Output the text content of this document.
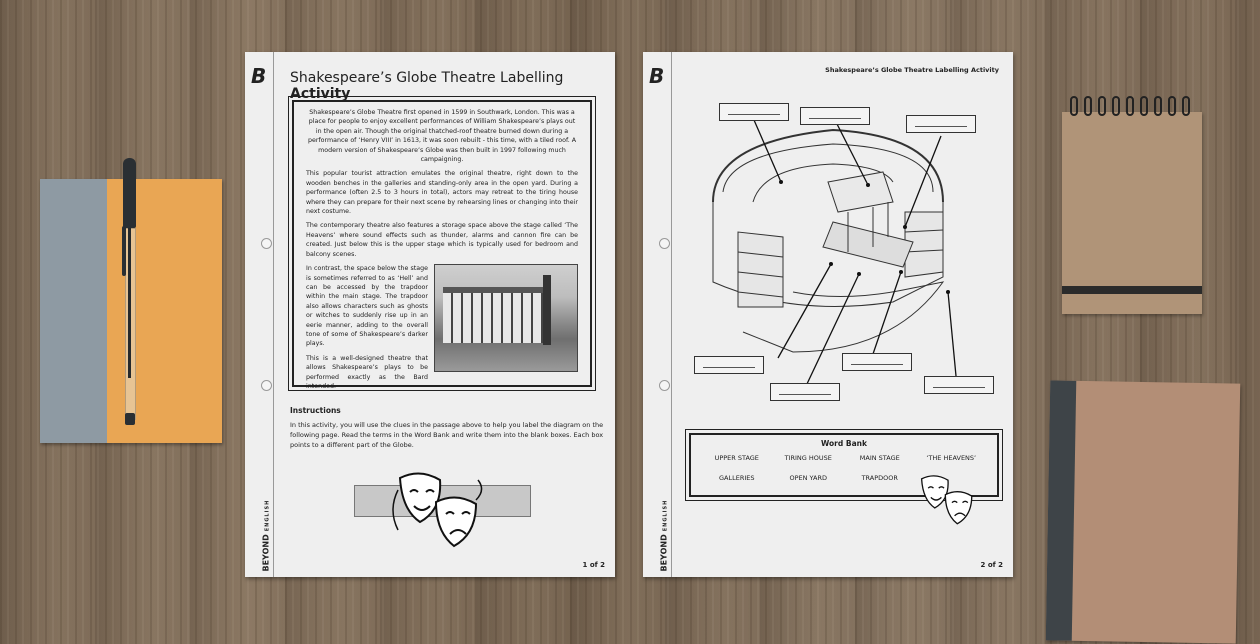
B Shakespeare’s Globe Theatre Labelling Activity

Shakespeare’s Globe Theatre first opened in 1599 in Southwark, London. This was a place for people to enjoy excellent performances of William Shakespeare’s plays out in the open air. Though the original thatched-roof theatre burned down during a performance of ‘Henry VIII’ in 1613, it was soon rebuilt - this time, with a tiled roof. A modern version of Shakespeare’s Globe was then built in 1997 following much campaigning.

This popular tourist attraction emulates the original theatre, right down to the wooden benches in the galleries and standing-only area in the open yard. During a performance (often 2.5 to 3 hours in total), actors may retreat to the tiring house where they can prepare for their next scene by rehearsing lines or changing into their next costume.

The contemporary theatre also features a storage space above the stage called ‘The Heavens’ where sound effects such as thunder, alarms and cannon fire can be created. Just below this is the upper stage which is typically used for bedroom and balcony scenes.

In contrast, the space below the stage is sometimes referred to as ‘Hell’ and can be accessed by the trapdoor within the main stage. The trapdoor also allows characters such as ghosts or witches to suddenly rise up in an eerie manner, adding to the overall tone of some of Shakespeare’s darker plays.

This is a well-designed theatre that allows Shakespeare’s plays to be performed exactly as the Bard intended.

Instructions
In this activity, you will use the clues in the passage above to help you label the diagram on the following page. Read the terms in the Word Bank and write them into the blank boxes. Each box points to a different part of the Globe.
BEYONDENGLISH
1 of 2
B	Shakespeare’s Globe Theatre Labelling Activity
Word Bank
UPPER STAGE	TIRING HOUSE	MAIN STAGE	‘THE HEAVENS’
GALLERIES	OPEN YARD	TRAPDOOR
BEYONDENGLISH
2 of 2
